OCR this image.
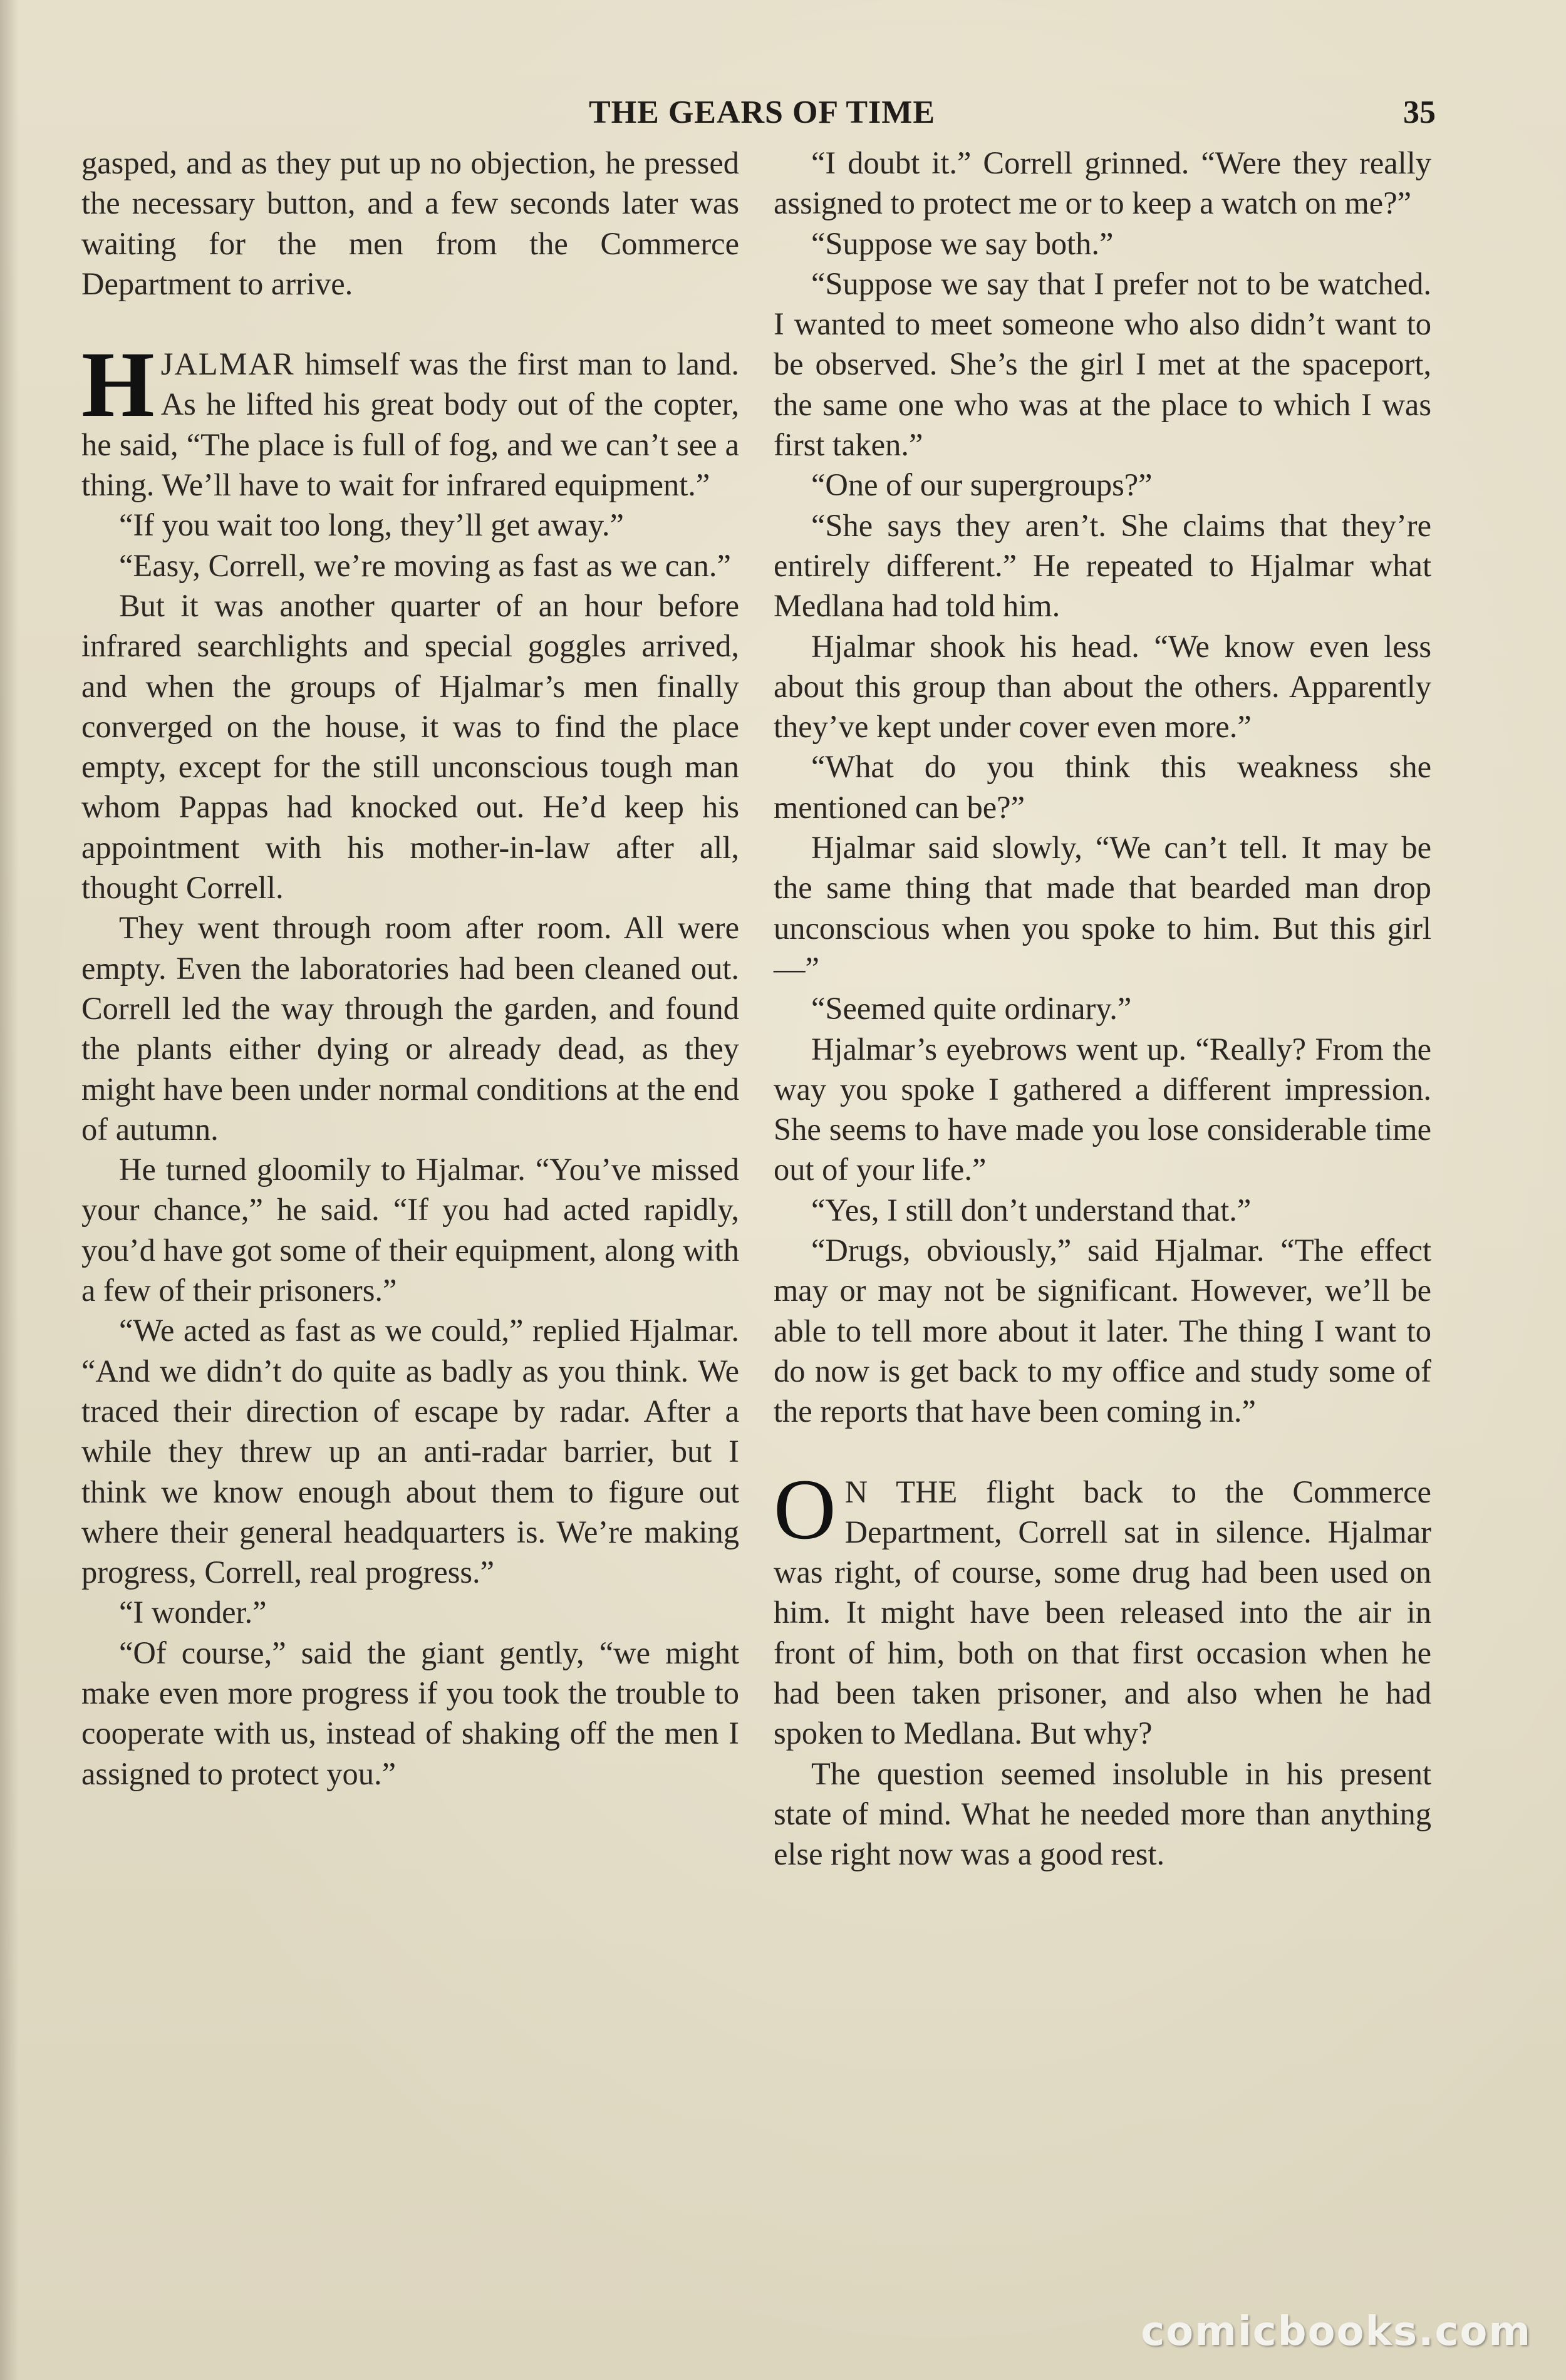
THE GEARS OF TIME	35

gasped, and as they put up no objection, he pressed the necessary button, and a few seconds later was waiting for the men from the Commerce Department to arrive.

HJALMAR himself was the first man to land. As he lifted his great body out of the copter, he said, “The place is full of fog, and we can’t see a thing. We’ll have to wait for infrared equipment.”

“If you wait too long, they’ll get away.”

“Easy, Correll, we’re moving as fast as we can.”

But it was another quarter of an hour before infrared searchlights and special goggles arrived, and when the groups of Hjalmar’s men finally converged on the house, it was to find the place empty, except for the still unconscious tough man whom Pappas had knocked out. He’d keep his appointment with his mother-in-law after all, thought Correll.

They went through room after room. All were empty. Even the laboratories had been cleaned out. Correll led the way through the garden, and found the plants either dying or already dead, as they might have been under normal conditions at the end of autumn.

He turned gloomily to Hjalmar. “You’ve missed your chance,” he said. “If you had acted rapidly, you’d have got some of their equipment, along with a few of their prisoners.”

“We acted as fast as we could,” replied Hjalmar. “And we didn’t do quite as badly as you think. We traced their direction of escape by radar. After a while they threw up an anti-radar barrier, but I think we know enough about them to figure out where their general headquarters is. We’re making progress, Correll, real progress.”

“I wonder.”

“Of course,” said the giant gently, “we might make even more progress if you took the trouble to cooperate with us, instead of shaking off the men I assigned to protect you.”

“I doubt it.” Correll grinned. “Were they really assigned to protect me or to keep a watch on me?”

“Suppose we say both.”

“Suppose we say that I prefer not to be watched. I wanted to meet someone who also didn’t want to be observed. She’s the girl I met at the spaceport, the same one who was at the place to which I was first taken.”

“One of our supergroups?”

“She says they aren’t. She claims that they’re entirely different.” He repeated to Hjalmar what Medlana had told him.

Hjalmar shook his head. “We know even less about this group than about the others. Apparently they’ve kept under cover even more.”

“What do you think this weakness she mentioned can be?”

Hjalmar said slowly, “We can’t tell. It may be the same thing that made that bearded man drop unconscious when you spoke to him. But this girl—”

“Seemed quite ordinary.”

Hjalmar’s eyebrows went up. “Really? From the way you spoke I gathered a different impression. She seems to have made you lose considerable time out of your life.”

“Yes, I still don’t understand that.”

“Drugs, obviously,” said Hjalmar. “The effect may or may not be significant. However, we’ll be able to tell more about it later. The thing I want to do now is get back to my office and study some of the reports that have been coming in.”

O N THE flight back to the Commerce Department, Correll sat in silence. Hjalmar was right, of course, some drug had been used on him. It might have been released into the air in front of him, both on that first occasion when he had been taken prisoner, and also when he had spoken to Medlana. But why?

The question seemed insoluble in his present state of mind. What he needed more than anything else right now was a good rest.

comicbooks.com
